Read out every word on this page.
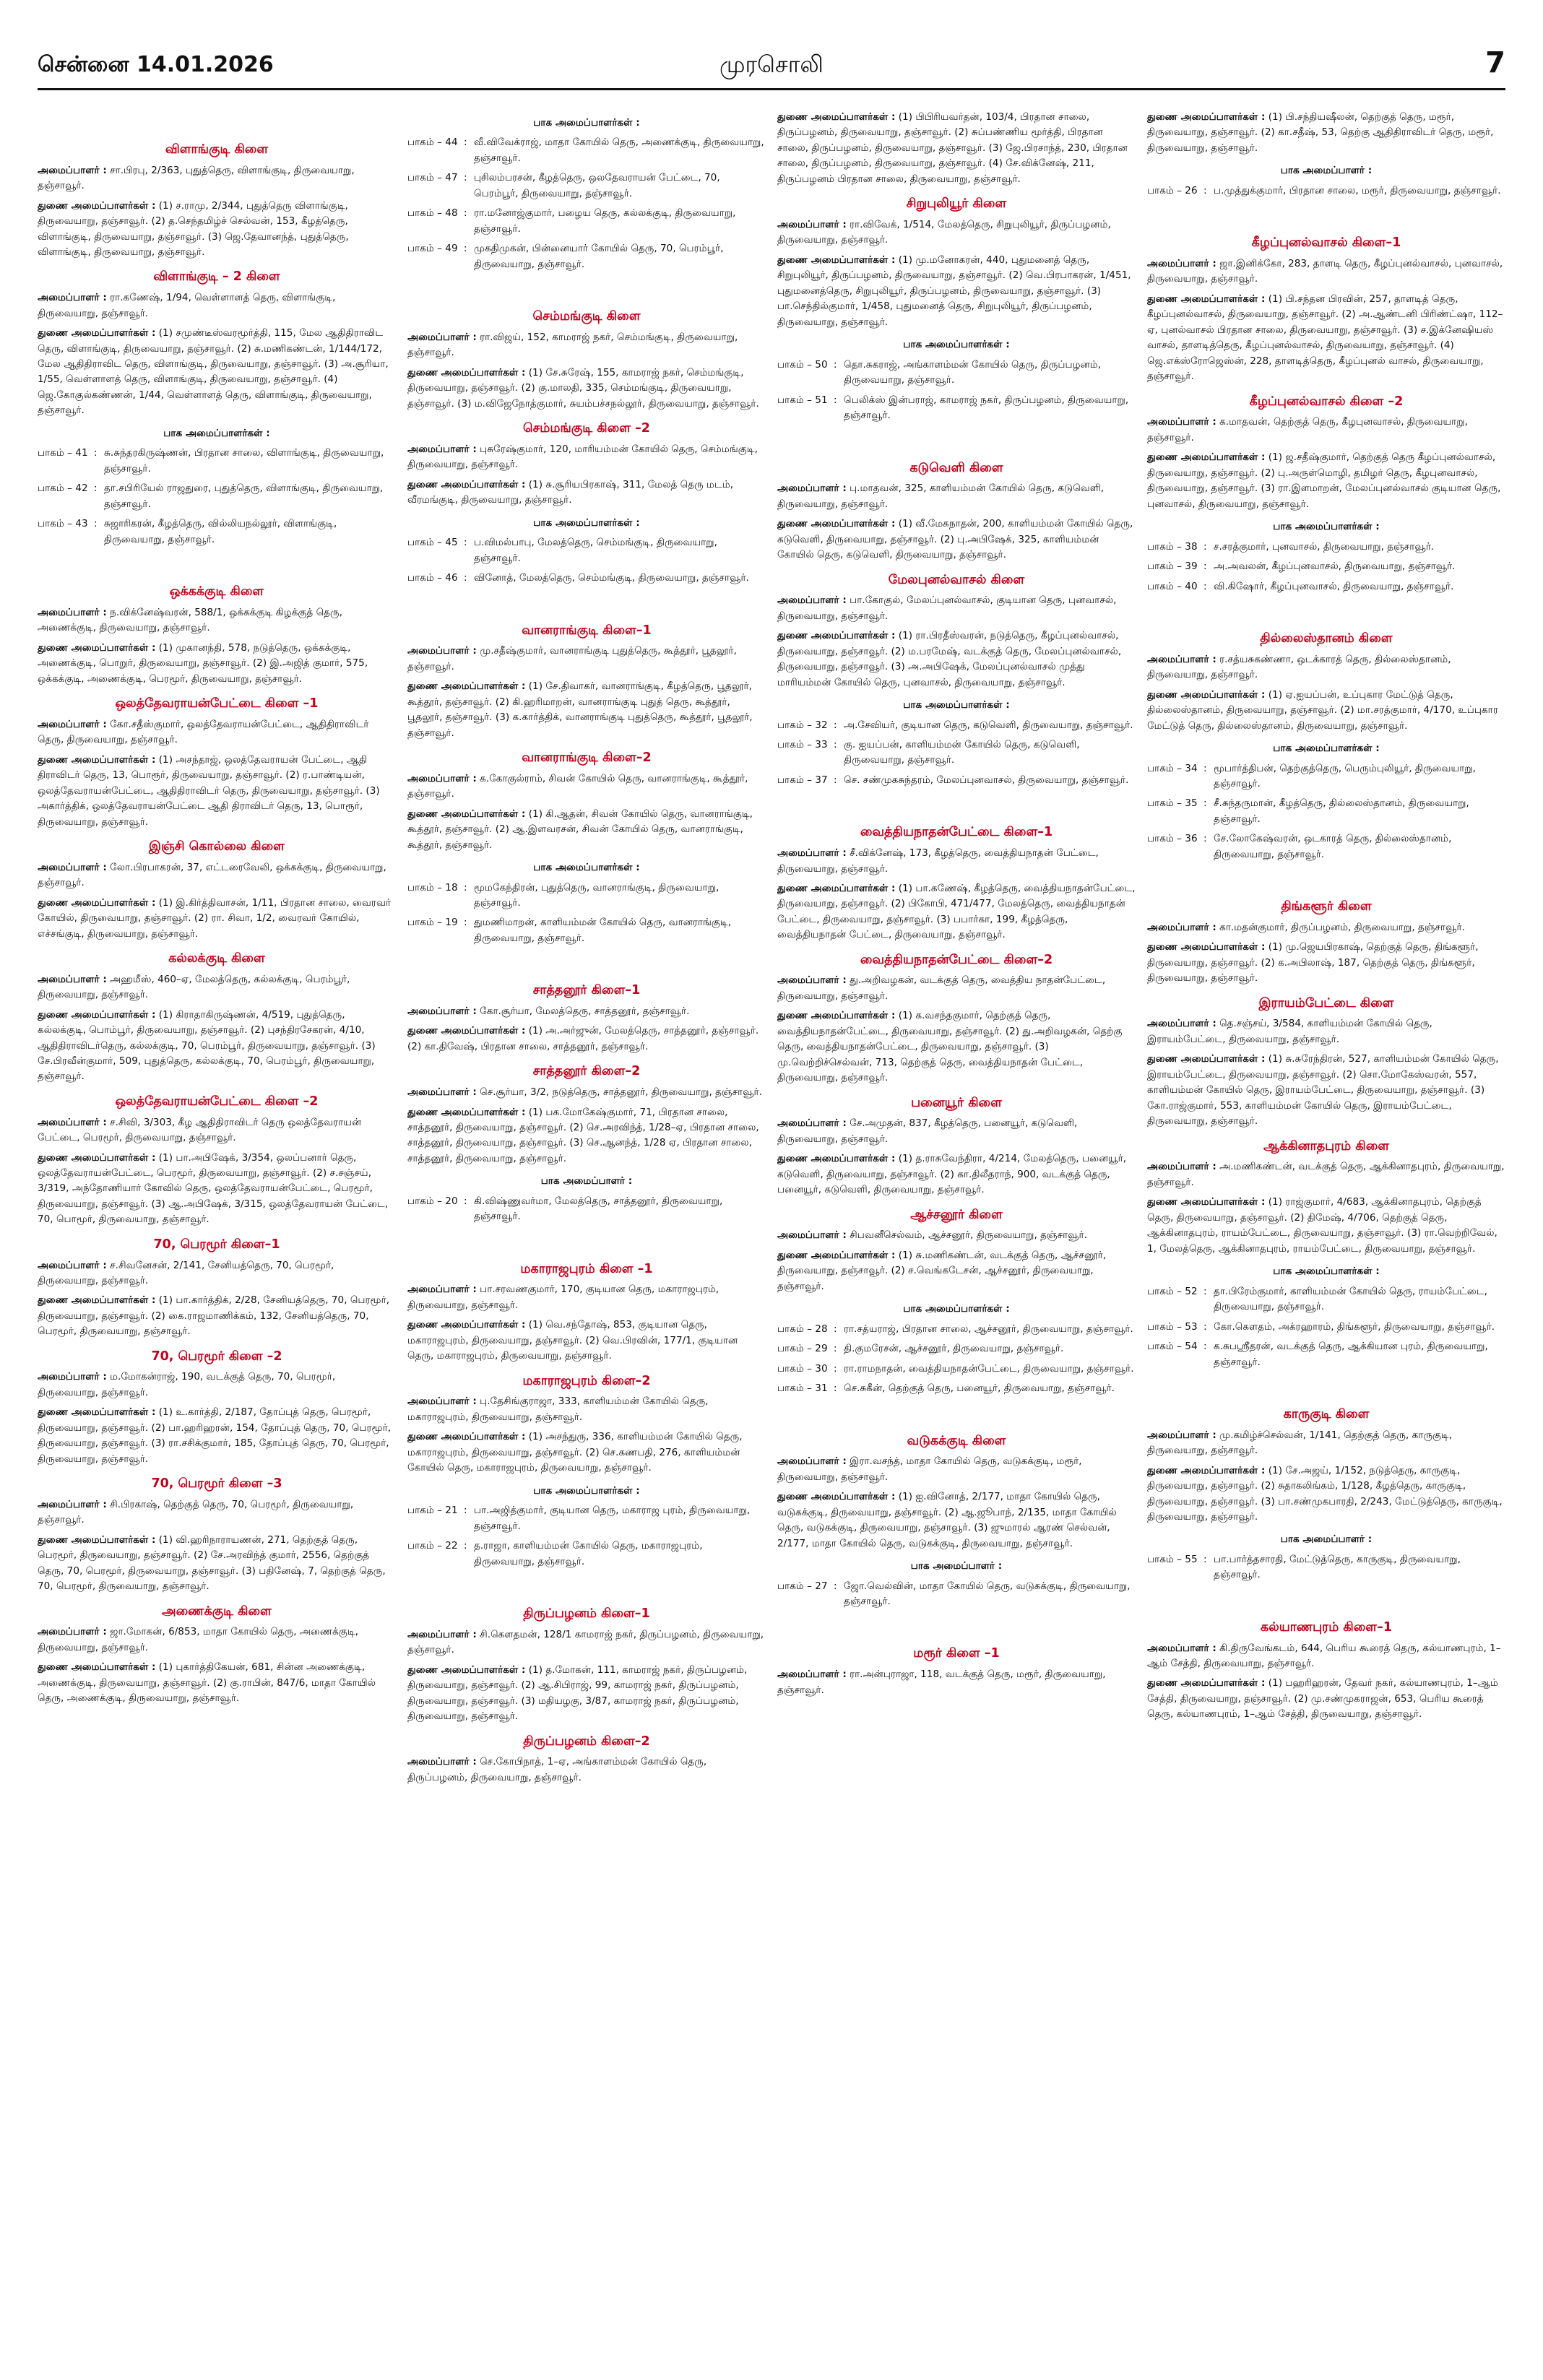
சென்னை 14.01.2026	முரசொலி	7
விளாங்குடி கிளை
அமைப்பாளர் : சா.பிரபு, 2/363, புதுத்தெரு, விளாங்குடி, திருவையாறு, தஞ்சாவூர்.
துணை அமைப்பாளர்கள் : (1) ச.ராமு, 2/344, புதுத்தெரு விளாங்குடி, திருவையாறு, தஞ்சாவூர். (2) த.செந்தமிழ்ச் செல்வன், 153, கீழத்தெரு, விளாங்குடி, திருவையாறு, தஞ்சாவூர். (3) ஜெ.தேவானந்த், புதுத்தெரு, விளாங்குடி, திருவையாறு, தஞ்சாவூர்.
விளாங்குடி – 2 கிளை
அமைப்பாளர் : ரா.கணேஷ், 1/94, வெள்ளாளத் தெரு, விளாங்குடி, திருவையாறு, தஞ்சாவூர்.
துணை அமைப்பாளர்கள் : (1) சமுண்டீஸ்வரமூர்த்தி, 115, மேல ஆதிதிராவிட தெரு, விளாங்குடி, திருவையாறு, தஞ்சாவூர். (2) சு.மணிகண்டன், 1/144/172, மேல ஆதிதிராவிட தெரு, விளாங்குடி, திருவையாறு, தஞ்சாவூர். (3) அ.சூரியா, 1/55, வெள்ளாளத் தெரு, விளாங்குடி, திருவையாறு, தஞ்சாவூர். (4) ஜெ.கோகுல்கண்ணன், 1/44, வெள்ளாளத் தெரு, விளாங்குடி, திருவையாறு, தஞ்சாவூர்.
பாக அமைப்பாளர்கள் :
பாகம் – 41	:	சு.சுந்தரகிருஷ்ணன், பிரதான சாலை, விளாங்குடி, திருவையாறு, தஞ்சாவூர்.
பாகம் – 42	:	தா.சபிரியேல் ராஜதுரை, புதுத்தெரு, விளாங்குடி, திருவையாறு, தஞ்சாவூர்.
பாகம் – 43	:	சுஜாரிகரன், கீழத்தெரு, வில்லியநல்லூர், விளாங்குடி, திருவையாறு, தஞ்சாவூர்.
ஒக்கக்குடி கிளை
அமைப்பாளர் : ந.விக்னேஷ்வரன், 588/1, ஒக்கக்குடி கிழக்குத் தெரு, அணைக்குடி, திருவையாறு, தஞ்சாவூர்.
துணை அமைப்பாளர்கள் : (1) முகானந்தி, 578, நடுத்தெரு, ஒக்கக்குடி, அணைக்குடி, பொறுர், திருவையாறு, தஞ்சாவூர். (2) இ.அஜித் குமார், 575, ஒக்கக்குடி, அணைக்குடி, பெரமூர், திருவையாறு, தஞ்சாவூர்.
ஒலத்தேவராயன்பேட்டை கிளை –1
அமைப்பாளர் : கோ.சதீஸ்குமார், ஒலத்தேவராயன்பேட்டை, ஆதிதிராவிடர் தெரு, திருவையாறு, தஞ்சாவூர்.
துணை அமைப்பாளர்கள் : (1) அசந்தாஜ், ஒலத்தேவராயன் பேட்டை, ஆதி திராவிடர் தெரு, 13, பொரூர், திருவையாறு, தஞ்சாவூர். (2) ர.பாண்டியன், ஒலத்தேவராயன்பேட்டை, ஆதிதிராவிடர் தெரு, திருவையாறு, தஞ்சாவூர். (3) அகார்த்திக், ஒலத்தேவராயன்பேட்டை ஆதி திராவிடர் தெரு, 13, பொரூர், திருவையாறு, தஞ்சாவூர்.
இஞ்சி கொல்லை கிளை
அமைப்பாளர் : லோ.பிரபாகரன், 37, எட்டரைவேலி, ஒக்கக்குடி, திருவையாறு, தஞ்சாவூர்.
துணை அமைப்பாளர்கள் : (1) இ.கிர்த்திவாசன், 1/11, பிரதான சாலை, வைரவர் கோயில், திருவையாறு, தஞ்சாவூர். (2) ரா. சிவா, 1/2, வைரவர் கோயில், எச்சங்குடி, திருவையாறு, தஞ்சாவூர்.
கல்லக்குடி கிளை
அமைப்பாளர் : அஹமீஸ், 460–ஏ, மேலத்தெரு, கல்லக்குடி, பெரம்பூர், திருவையாறு, தஞ்சாவூர்.
துணை அமைப்பாளர்கள் : (1) கிராதாகிருஷ்ணன், 4/519, புதுத்தெரு, கல்லக்குடி, பொம்பூர், திருவையாறு, தஞ்சாவூர். (2) புசந்திரசேகரன், 4/10, ஆதிதிராவிடர்தெரு, கல்லக்குடி, 70, பெரம்பூர், திருவையாறு, தஞ்சாவூர். (3) சே.பிரவீன்குமார், 509, புதுத்தெரு, கல்லக்குடி, 70, பெரம்பூர், திருவையாறு, தஞ்சாவூர்.
ஒலத்தேவராயன்பேட்டை கிளை –2
அமைப்பாளர் : ச.சிவி, 3/303, கீழ ஆதிதிராவிடர் தெரு ஒலத்தேவராயன் பேட்டை, பெரமூர், திருவையாறு, தஞ்சாவூர்.
துணை அமைப்பாளர்கள் : (1) பா.அபிஷேக், 3/354, ஒலப்பனார் தெரு, ஒலத்தேவராயன்பேட்டை, பெரமூர், திருவையாறு, தஞ்சாவூர். (2) ச.சஞ்சய், 3/319, அந்தோணியார் கோவில் தெரு, ஒலத்தேவராயன்பேட்டை, பெரமூர், திருவையாறு, தஞ்சாவூர். (3) ஆ.அபிஷேக், 3/315, ஒலத்தேவராயன் பேட்டை, 70, பொமூர், திருவையாறு, தஞ்சாவூர்.
70, பெரமூர் கிளை–1
அமைப்பாளர் : ச.சிவனேசன், 2/141, சேனியத்தெரு, 70, பெரமூர், திருவையாறு, தஞ்சாவூர்.
துணை அமைப்பாளர்கள் : (1) பா.கார்த்திக், 2/28, சேனியத்தெரு, 70, பெரமூர், திருவையாறு, தஞ்சாவூர். (2) கை.ராஜமாணிக்கம், 132, சேனியத்தெரு, 70, பெரமூர், திருவையாறு, தஞ்சாவூர்.
70, பெரமூர் கிளை –2
அமைப்பாளர் : ம.மோகன்ராஜ், 190, வடக்குத் தெரு, 70, பெரமூர், திருவையாறு, தஞ்சாவூர்.
துணை அமைப்பாளர்கள் : (1) உ.கார்த்தி, 2/187, தோப்புத் தெரு, பெரமூர், திருவையாறு, தஞ்சாவூர். (2) பா.ஹரிஹரன், 154, தோப்புத் தெரு, 70, பெரமூர், திருவையாறு, தஞ்சாவூர். (3) ரா.சசிக்குமார், 185, தோப்புத் தெரு, 70, பெரமூர், திருவையாறு, தஞ்சாவூர்.
70, பெரமூர் கிளை –3
அமைப்பாளர் : சி.பிரகாஷ், தெற்குத் தெரு, 70, பெரமூர், திருவையாறு, தஞ்சாவூர்.
துணை அமைப்பாளர்கள் : (1) வி.ஹரிநாராயணன், 271, தெற்குத் தெரு, பெரமூர், திருவையாறு, தஞ்சாவூர். (2) சே.அரவிந்த் குமார், 2556, தெற்குத் தெரு, 70, பெரமூர், திருவையாறு, தஞ்சாவூர். (3) பதினேஷ், 7, தெற்குத் தெரு, 70, பெரமூர், திருவையாறு, தஞ்சாவூர்.
அணைக்குடி கிளை
அமைப்பாளர் : ஜா.மோகன், 6/853, மாதா கோயில் தெரு, அணைக்குடி, திருவையாறு, தஞ்சாவூர்.
துணை அமைப்பாளர்கள் : (1) புகார்த்திகேயன், 681, சின்ன அணைக்குடி, அணைக்குடி, திருவையாறு, தஞ்சாவூர். (2) கு.ராபின், 847/6, மாதா கோயில் தெரு, அணைக்குடி, திருவையாறு, தஞ்சாவூர்.
பாக அமைப்பாளர்கள் :
பாகம் – 44	:	வீ.விவேக்ராஜ், மாதா கோயில் தெரு, அணைக்குடி, திருவையாறு, தஞ்சாவூர்.
பாகம் – 47	:	புசிலம்பரசன், கீழத்தெரு, ஒலதேவராயன் பேட்டை, 70, பெரம்பூர், திருவையாறு, தஞ்சாவூர்.
பாகம் – 48	:	ரா.மனோஜ்குமார், பழைய தெரு, கல்லக்குடி, திருவையாறு, தஞ்சாவூர்.
பாகம் – 49	:	முகதிமுகன், பின்னையார் கோயில் தெரு, 70, பெரம்பூர், திருவையாறு, தஞ்சாவூர்.
செம்மங்குடி கிளை
அமைப்பாளர் : ரா.விஜய், 152, காமராஜ் நகர், செம்மங்குடி, திருவையாறு, தஞ்சாவூர்.
துணை அமைப்பாளர்கள் : (1) சே.சுரேஷ், 155, காமராஜ் நகர், செம்மங்குடி, திருவையாறு, தஞ்சாவூர். (2) கு.மாலதி, 335, செம்மங்குடி, திருவையாறு, தஞ்சாவூர். (3) ம.விஜேநோத்குமார், சுயம்பச்சநல்லூர், திருவையாறு, தஞ்சாவூர்.
செம்மங்குடி கிளை –2
அமைப்பாளர் : புசுரேஷ்குமார், 120, மாரியம்மன் கோயில் தெரு, செம்மங்குடி, திருவையாறு, தஞ்சாவூர்.
துணை அமைப்பாளர்கள் : (1) சு.சூரியபிரகாஷ், 311, மேலத் தெரு மடம், வீரமங்குடி, திருவையாறு, தஞ்சாவூர்.
பாக அமைப்பாளர்கள் :
பாகம் – 45	:	ப.விமல்பாபு, மேலத்தெரு, செம்மங்குடி, திருவையாறு, தஞ்சாவூர்.
பாகம் – 46	:	வினோத், மேலத்தெரு, செம்மங்குடி, திருவையாறு, தஞ்சாவூர்.
வானராங்குடி கிளை–1
அமைப்பாளர் : மு.சதீஷ்குமார், வானராங்குடி புதுத்தெரு, கூத்தூர், பூதலூர், தஞ்சாவூர்.
துணை அமைப்பாளர்கள் : (1) சே.திவாகர், வானராங்குடி, கீழத்தெரு, பூதலூர், கூத்தூர், தஞ்சாவூர். (2) கி.ஹரிமாறன், வானராங்குடி புதுத் தெரு, கூத்தூர், பூதலூர், தஞ்சாவூர். (3) க.கார்த்திக், வானராங்குடி புதுத்தெரு, கூத்தூர், பூதலூர், தஞ்சாவூர்.
வானராங்குடி கிளை–2
அமைப்பாளர் : க.கோகுல்ராம், சிவன் கோயில் தெரு, வானராங்குடி, கூத்தூர், தஞ்சாவூர்.
துணை அமைப்பாளர்கள் : (1) கி.ஆதன், சிவன் கோயில் தெரு, வானராங்குடி, கூத்தூர், தஞ்சாவூர். (2) ஆ.இளவரசன், சிவன் கோயில் தெரு, வானராங்குடி, கூத்தூர், தஞ்சாவூர்.
பாக அமைப்பாளர்கள் :
பாகம் – 18	:	மூமகேந்திரன், புதுத்தெரு, வானராங்குடி, திருவையாறு, தஞ்சாவூர்.
பாகம் – 19	:	துமணிமாறன், காளியம்மன் கோயில் தெரு, வானராங்குடி, திருவையாறு, தஞ்சாவூர்.
சாத்தனூர் கிளை–1
அமைப்பாளர் : கோ.சூர்யா, மேலத்தெரு, சாத்தனூர், தஞ்சாவூர்.
துணை அமைப்பாளர்கள் : (1) அ.அர்ஜுன், மேலத்தெரு, சாத்தனூர், தஞ்சாவூர். (2) கா.திவேஷ், பிரதான சாலை, சாத்தனூர், தஞ்சாவூர்.
சாத்தனூர் கிளை–2
அமைப்பாளர் : செ.சூர்யா, 3/2, நடுத்தெரு, சாத்தனூர், திருவையாறு, தஞ்சாவூர்.
துணை அமைப்பாளர்கள் : (1) பக.மோகேஷ்குமார், 71, பிரதான சாலை, சாத்தனூர், திருவையாறு, தஞ்சாவூர். (2) செ.அரவிந்த், 1/28–ஏ, பிரதான சாலை, சாத்தனூர், திருவையாறு, தஞ்சாவூர். (3) செ.ஆனந்த், 1/28 ஏ, பிரதான சாலை, சாத்தனூர், திருவையாறு, தஞ்சாவூர்.
பாக அமைப்பாளர் :
பாகம் – 20	:	கி.விஷ்ணுவர்மா, மேலத்தெரு, சாத்தனூர், திருவையாறு, தஞ்சாவூர்.
மகாராஜபுரம் கிளை –1
அமைப்பாளர் : பா.சரவணகுமார், 170, குடியான தெரு, மகாராஜபுரம், திருவையாறு, தஞ்சாவூர்.
துணை அமைப்பாளர்கள் : (1) வெ.சந்தோஷ், 853, குடியான தெரு, மகாராஜபுரம், திருவையாறு, தஞ்சாவூர். (2) வெ.பிரவின், 177/1, குடியான தெரு, மகாராஜபுரம், திருவையாறு, தஞ்சாவூர்.
மகாராஜபுரம் கிளை–2
அமைப்பாளர் : பு.தேசிங்குராஜா, 333, காளியம்மன் கோயில் தெரு, மகாராஜபுரம், திருவையாறு, தஞ்சாவூர்.
துணை அமைப்பாளர்கள் : (1) அசந்துரு, 336, காளியம்மன் கோயில் தெரு, மகாராஜபுரம், திருவையாறு, தஞ்சாவூர். (2) செ.கணபதி, 276, காளியம்மன் கோயில் தெரு, மகாராஜபுரம், திருவையாறு, தஞ்சாவூர்.
பாக அமைப்பாளர்கள் :
பாகம் – 21	:	பா.அஜித்குமார், குடியான தெரு, மகாராஜ புரம், திருவையாறு, தஞ்சாவூர்.
பாகம் – 22	:	த.ராஜா, காளியம்மன் கோயில் தெரு, மகாராஜபுரம், திருவையாறு, தஞ்சாவூர்.
திருப்பழனம் கிளை–1
அமைப்பாளர் : சி.கௌதமன், 128/1 காமராஜ் நகர், திருப்பழனம், திருவையாறு, தஞ்சாவூர்.
துணை அமைப்பாளர்கள் : (1) த.மோகன், 111, காமராஜ் நகர், திருப்பழனம், திருவையாறு, தஞ்சாவூர். (2) ஆ.சிபிராஜ், 99, காமராஜ் நகர், திருப்பழனம், திருவையாறு, தஞ்சாவூர். (3) மதியழகு, 3/87, காமராஜ் நகர், திருப்பழனம், திருவையாறு, தஞ்சாவூர்.
திருப்பழனம் கிளை–2
அமைப்பாளர் : செ.கோபிநாத், 1–ஏ, அங்காளம்மன் கோயில் தெரு, திருப்பழனம், திருவையாறு, தஞ்சாவூர்.
துணை அமைப்பாளர்கள் : (1) பிபிரியவர்தன், 103/4, பிரதான சாலை, திருப்பழனம், திருவையாறு, தஞ்சாவூர். (2) சுப்பண்ணிய மூர்த்தி, பிரதான சாலை, திருப்பழனம், திருவையாறு, தஞ்சாவூர். (3) ஜே.பிரசாந்த், 230, பிரதான சாலை, திருப்பழனம், திருவையாறு, தஞ்சாவூர். (4) சே.விக்னேஷ், 211, திருப்பழனம் பிரதான சாலை, திருவையாறு, தஞ்சாவூர்.
சிறுபுலியூர் கிளை
அமைப்பாளர் : ரா.விவேக், 1/514, மேலத்தெரு, சிறுபுலியூர், திருப்பழனம், திருவையாறு, தஞ்சாவூர்.
துணை அமைப்பாளர்கள் : (1) மு.மனோகரன், 440, புதுமனைத் தெரு, சிறுபுலியூர், திருப்பழனம், திருவையாறு, தஞ்சாவூர். (2) வெ.பிரபாகரன், 1/451, புதுமனைத்தெரு, சிறுபுலியூர், திருப்பழனம், திருவையாறு, தஞ்சாவூர். (3) பா.செந்தில்குமார், 1/458, புதுமனைத் தெரு, சிறுபுலியூர், திருப்பழனம், திருவையாறு, தஞ்சாவூர்.
பாக அமைப்பாளர்கள் :
பாகம் – 50	:	தொ.சுகராஜ், அங்காளம்மன் கோயில் தெரு, திருப்பழனம், திருவையாறு, தஞ்சாவூர்.
பாகம் – 51	:	பெலிக்ஸ் இன்பராஜ், காமராஜ் நகர், திருப்பழனம், திருவையாறு, தஞ்சாவூர்.
கடுவெளி கிளை
அமைப்பாளர் : பு.மாதவன், 325, காளியம்மன் கோயில் தெரு, கடுவெளி, திருவையாறு, தஞ்சாவூர்.
துணை அமைப்பாளர்கள் : (1) வீ.மேகநாதன், 200, காளியம்மன் கோயில் தெரு, கடுவெளி, திருவையாறு, தஞ்சாவூர். (2) பு.அபிஷேக், 325, காளியம்மன் கோயில் தெரு, கடுவெளி, திருவையாறு, தஞ்சாவூர்.
மேலபுனல்வாசல் கிளை
அமைப்பாளர் : பா.கோகுல், மேலப்புனல்வாசல், குடியான தெரு, புனவாசல், திருவையாறு, தஞ்சாவூர்.
துணை அமைப்பாளர்கள் : (1) ரா.பிரதீஸ்வரன், நடுத்தெரு, கீழப்புனல்வாசல், திருவையாறு, தஞ்சாவூர். (2) ம.பரமேஷ், வடக்குத் தெரு, மேலப்புனல்வாசல், திருவையாறு, தஞ்சாவூர். (3) அ.அபிஷேக், மேலப்புனல்வாசல் முத்து மாரியம்மன் கோயில் தெரு, புனவாசல், திருவையாறு, தஞ்சாவூர்.
பாக அமைப்பாளர்கள் :
பாகம் – 32	:	அ.சேவியர், குடியான தெரு, கடுவெளி, திருவையாறு, தஞ்சாவூர்.
பாகம் – 33	:	கு. ஐயப்பன், காளியம்மன் கோயில் தெரு, கடுவெளி, திருவையாறு, தஞ்சாவூர்.
பாகம் – 37	:	செ. சண்முகசுந்தரம், மேலப்புனவாசல், திருவையாறு, தஞ்சாவூர்.
வைத்தியநாதன்பேட்டை கிளை–1
அமைப்பாளர் : சீ.விக்னேஷ், 173, கீழத்தெரு, வைத்தியநாதன் பேட்டை, திருவையாறு, தஞ்சாவூர்.
துணை அமைப்பாளர்கள் : (1) பா.கணேஷ், கீழத்தெரு, வைத்தியநாதன்பேட்டை, திருவையாறு, தஞ்சாவூர். (2) பிகோபி, 471/477, மேலத்தெரு, வைத்தியநாதன் பேட்டை, திருவையாறு, தஞ்சாவூர். (3) பபார்கா, 199, கீழத்தெரு, வைத்தியநாதன் பேட்டை, திருவையாறு, தஞ்சாவூர்.
வைத்தியநாதன்பேட்டை கிளை–2
அமைப்பாளர் : து.அறிவழகன், வடக்குத் தெரு, வைத்திய நாதன்பேட்டை, திருவையாறு, தஞ்சாவூர்.
துணை அமைப்பாளர்கள் : (1) க.வசந்தகுமார், தெற்குத் தெரு, வைத்தியநாதன்பேட்டை, திருவையாறு, தஞ்சாவூர். (2) து.அறிவழகன், தெற்கு தெரு, வைத்தியநாதன்பேட்டை, திருவையாறு, தஞ்சாவூர். (3) மு.வெற்றிச்செல்வன், 713, தெற்குத் தெரு, வைத்தியநாதன் பேட்டை, திருவையாறு, தஞ்சாவூர்.
பனையூர் கிளை
அமைப்பாளர் : சே.அமுதன், 837, கீழத்தெரு, பனையூர், கடுவெளி, திருவையாறு, தஞ்சாவூர்.
துணை அமைப்பாளர்கள் : (1) த.ராசுவேந்திரா, 4/214, மேலத்தெரு, பனையூர், கடுவெளி, திருவையாறு, தஞ்சாவூர். (2) கா.திலீதராந், 900, வடக்குத் தெரு, பனையூர், கடுவெளி, திருவையாறு, தஞ்சாவூர்.
ஆச்சனூர் கிளை
அமைப்பாளர் : சிபவனீசெல்வம், ஆச்சனூர், திருவையாறு, தஞ்சாவூர்.
துணை அமைப்பாளர்கள் : (1) சு.மணிகண்டன், வடக்குத் தெரு, ஆச்சனூர், திருவையாறு, தஞ்சாவூர். (2) ச.வெங்கடேசன், ஆச்சனூர், திருவையாறு, தஞ்சாவூர்.
பாக அமைப்பாளர்கள் :
பாகம் – 28	:	ரா.சத்யராஜ், பிரதான சாலை, ஆச்சனூர், திருவையாறு, தஞ்சாவூர்.
பாகம் – 29	:	தி.குமரேசன், ஆச்சனூர், திருவையாறு, தஞ்சாவூர்.
பாகம் – 30	:	ரா.ராமநாதன், வைத்தியநாதன்பேட்டை, திருவையாறு, தஞ்சாவூர்.
பாகம் – 31	:	செ.சுகீன், தெற்குத் தெரு, பனையூர், திருவையாறு, தஞ்சாவூர்.
வடுகக்குடி கிளை
அமைப்பாளர் : இரா.வசந்த், மாதா கோயில் தெரு, வடுகக்குடி, மரூர், திருவையாறு, தஞ்சாவூர்.
துணை அமைப்பாளர்கள் : (1) ஐ.வினோத், 2/177, மாதா கோயில் தெரு, வடுகக்குடி, திருவையாறு, தஞ்சாவூர். (2) ஆ.ஜூபாந், 2/135, மாதா கோயில் தெரு, வடுகக்குடி, திருவையாறு, தஞ்சாவூர். (3) ஜுமாரல் ஆரண் செல்வன், 2/177, மாதா கோயில் தெரு, வடுகக்குடி, திருவையாறு, தஞ்சாவூர்.
பாக அமைப்பாளர் :
பாகம் – 27	:	ஜோ.வெல்வின், மாதா கோயில் தெரு, வடுகக்குடி, திருவையாறு, தஞ்சாவூர்.
மரூர் கிளை –1
அமைப்பாளர் : ரா.அன்புராஜா, 118, வடக்குத் தெரு, மரூர், திருவையாறு, தஞ்சாவூர்.
துணை அமைப்பாளர்கள் : (1) பி.சந்தியஷீலன், தெற்குத் தெரு, மரூர், திருவையாறு, தஞ்சாவூர். (2) கா.சதீஷ், 53, தெற்கு ஆதிதிராவிடர் தெரு, மரூர், திருவையாறு, தஞ்சாவூர்.
பாக அமைப்பாளர் :
பாகம் – 26	:	ப.முத்துக்குமார், பிரதான சாலை, மரூர், திருவையாறு, தஞ்சாவூர்.
கீழப்புனல்வாசல் கிளை–1
அமைப்பாளர் : ஜா.இனிக்கோ, 283, தாளடி தெரு, கீழப்புனல்வாசல், புனவாசல், திருவையாறு, தஞ்சாவூர்.
துணை அமைப்பாளர்கள் : (1) பி.சந்தன பிரவின், 257, தாளடித் தெரு, கீழப்புனல்வாசல், திருவையாறு, தஞ்சாவூர். (2) அ.ஆண்டனி பிரிண்ட்ஷா, 112–ஏ, புனல்வாசல் பிரதான சாலை, திருவையாறு, தஞ்சாவூர். (3) ச.இக்னேஷியஸ் வாசல், தாளடித்தெரு, கீழப்புனல்வாசல், திருவையாறு, தஞ்சாவூர். (4) ஜெ.எக்ஸ்ரோஜெஸ்ன், 228, தாளடித்தெரு, கீழப்புனல் வாசல், திருவையாறு, தஞ்சாவூர்.
கீழப்புனல்வாசல் கிளை –2
அமைப்பாளர் : க.மாதவன், தெற்குத் தெரு, கீழபுனவாசல், திருவையாறு, தஞ்சாவூர்.
துணை அமைப்பாளர்கள் : (1) ஜ.சதீஷ்குமார், தெற்குத் தெரு கீழப்புனல்வாசல், திருவையாறு, தஞ்சாவூர். (2) பு.அருள்மொழி, தமிழர் தெரு, கீழபுனவாசல், திருவையாறு, தஞ்சாவூர். (3) ரா.இளமாறன், மேலப்புனல்வாசல் குடியான தெரு, புனவாசல், திருவையாறு, தஞ்சாவூர்.
பாக அமைப்பாளர்கள் :
பாகம் – 38	:	ச.சரத்குமார், புனவாசல், திருவையாறு, தஞ்சாவூர்.
பாகம் – 39	:	அ.அவலன், கீழப்புனவாசல், திருவையாறு, தஞ்சாவூர்.
பாகம் – 40	:	வி.கிஷோர், கீழப்புனவாசல், திருவையாறு, தஞ்சாவூர்.
தில்லைஸ்தானம் கிளை
அமைப்பாளர் : ர.சத்யசுகண்ணா, ஒடக்காரத் தெரு, தில்லைஸ்தானம், திருவையாறு, தஞ்சாவூர்.
துணை அமைப்பாளர்கள் : (1) ஏ.ஐயப்பன், உப்புகார மேட்டுத் தெரு, தில்லைஸ்தானம், திருவையாறு, தஞ்சாவூர். (2) மா.சரத்குமார், 4/170, உப்புகார மேட்டுத் தெரு, தில்லைஸ்தானம், திருவையாறு, தஞ்சாவூர்.
பாக அமைப்பாளர்கள் :
பாகம் – 34	:	மூபார்த்திபன், தெற்குத்தெரு, பெரும்புலியூர், திருவையாறு, தஞ்சாவூர்.
பாகம் – 35	:	சீ.சுந்தருமான், கீழத்தெரு, தில்லைஸ்தானம், திருவையாறு, தஞ்சாவூர்.
பாகம் – 36	:	சே.லோகேஷ்வரன், ஒடகாரத் தெரு, தில்லைஸ்தானம், திருவையாறு, தஞ்சாவூர்.
திங்களூர் கிளை
அமைப்பாளர் : கா.மதன்குமார், திருப்பழனம், திருவையாறு, தஞ்சாவூர்.
துணை அமைப்பாளர்கள் : (1) மு.ஜெயபிரகாஷ், தெற்குத் தெரு, திங்களூர், திருவையாறு, தஞ்சாவூர். (2) க.அபிலாஷ், 187, தெற்குத் தெரு, திங்களூர், திருவையாறு, தஞ்சாவூர்.
இராயம்பேட்டை கிளை
அமைப்பாளர் : தெ.சஞ்சய், 3/584, காளியம்மன் கோயில் தெரு, இராயம்பேட்டை, திருவையாறு, தஞ்சாவூர்.
துணை அமைப்பாளர்கள் : (1) சு.சுரேந்திரன், 527, காளியம்மன் கோயில் தெரு, இராயம்பேட்டை, திருவையாறு, தஞ்சாவூர். (2) சொ.மோகேஸ்வரன், 557, காளியம்மன் கோயில் தெரு, இராயம்பேட்டை, திருவையாறு, தஞ்சாவூர். (3) கோ.ராஜ்குமார், 553, காளியம்மன் கோயில் தெரு, இராயம்பேட்டை, திருவையாறு, தஞ்சாவூர்.
ஆக்கினாதபுரம் கிளை
அமைப்பாளர் : அ.மணிகண்டன், வடக்குத் தெரு, ஆக்கினாதபுரம், திருவையாறு, தஞ்சாவூர்.
துணை அமைப்பாளர்கள் : (1) ராஜ்குமார், 4/683, ஆக்கினாதபுரம், தெற்குத் தெரு, திருவையாறு, தஞ்சாவூர். (2) திமேஷ், 4/706, தெற்குத் தெரு, ஆக்கினாதபுரம், ராயம்பேட்டை, திருவையாறு, தஞ்சாவூர். (3) ரா.வெற்றிவேல், 1, மேலத்தெரு, ஆக்கினாதபுரம், ராயம்பேட்டை, திருவையாறு, தஞ்சாவூர்.
பாக அமைப்பாளர்கள் :
பாகம் – 52	:	தா.பிரேம்குமார், காளியம்மன் கோயில் தெரு, ராயம்பேட்டை, திருவையாறு, தஞ்சாவூர்.
பாகம் – 53	:	கோ.கௌதம், அக்ரஹாரம், திங்களூர், திருவையாறு, தஞ்சாவூர்.
பாகம் – 54	:	க.சுபஸ்ரீதரன், வடக்குத் தெரு, ஆக்கியான புரம், திருவையாறு, தஞ்சாவூர்.
காருகுடி கிளை
அமைப்பாளர் : மு.கமிழ்ச்செல்வன், 1/141, தெற்குத் தெரு, காருகுடி, திருவையாறு, தஞ்சாவூர்.
துணை அமைப்பாளர்கள் : (1) சே.அஜய், 1/152, நடுத்தெரு, காருகுடி, திருவையாறு, தஞ்சாவூர். (2) சுதாகலிங்கம், 1/128, கீழத்தெரு, காருகுடி, திருவையாறு, தஞ்சாவூர். (3) பா.சண்முகபாரதி, 2/243, மேட்டுத்தெரு, காருகுடி, திருவையாறு, தஞ்சாவூர்.
பாக அமைப்பாளர் :
பாகம் – 55	:	பா.பார்த்தசாரதி, மேட்டுத்தெரு, காருகுடி, திருவையாறு, தஞ்சாவூர்.
கல்யாணபுரம் கிளை–1
அமைப்பாளர் : கி.திருவேங்கடம், 644, பெரிய கூரைத் தெரு, கல்யாணபுரம், 1–ஆம் சேத்தி, திருவையாறு, தஞ்சாவூர்.
துணை அமைப்பாளர்கள் : (1) பஹரிஹரன், தேவர் நகர், கல்யாணபுரம், 1–ஆம் சேத்தி, திருவையாறு, தஞ்சாவூர். (2) மு.சண்முகராஜன், 653, பெரிய கூரைத் தெரு, கல்யாணபுரம், 1–ஆம் சேத்தி, திருவையாறு, தஞ்சாவூர்.
